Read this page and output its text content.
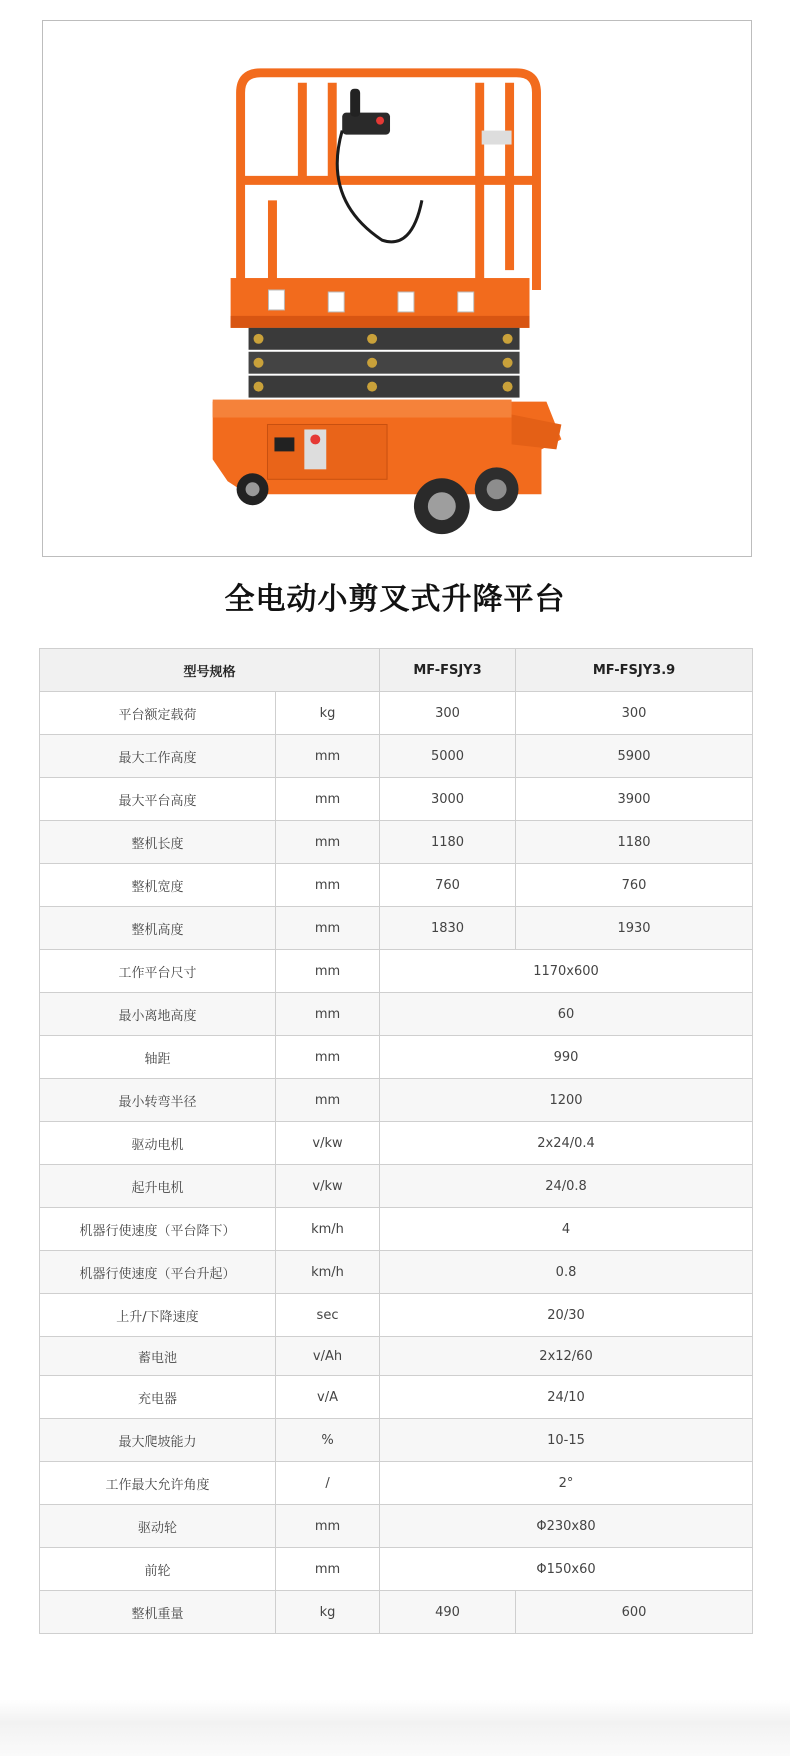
全电动小剪叉式升降平台
型号规格		MF-FSJY3	MF-FSJY3.9
平台额定载荷	kg	300	300
最大工作高度	mm	5000	5900
最大平台高度	mm	3000	3900
整机长度	mm	1180	1180
整机宽度	mm	760	760
整机高度	mm	1830	1930
工作平台尺寸	mm	1170x600	
最小离地高度	mm	60	
轴距	mm	990	
最小转弯半径	mm	1200	
驱动电机	v/kw	2x24/0.4	
起升电机	v/kw	24/0.8	
机器行使速度（平台降下）	km/h	4	
机器行使速度（平台升起）	km/h	0.8	
上升/下降速度	sec	20/30	
蓄电池	v/Ah	2x12/60	
充电器	v/A	24/10	
最大爬坡能力	%	10-15	
工作最大允许角度	/	2°	
驱动轮	mm	Φ230x80	
前轮	mm	Φ150x60	
整机重量	kg	490	600
